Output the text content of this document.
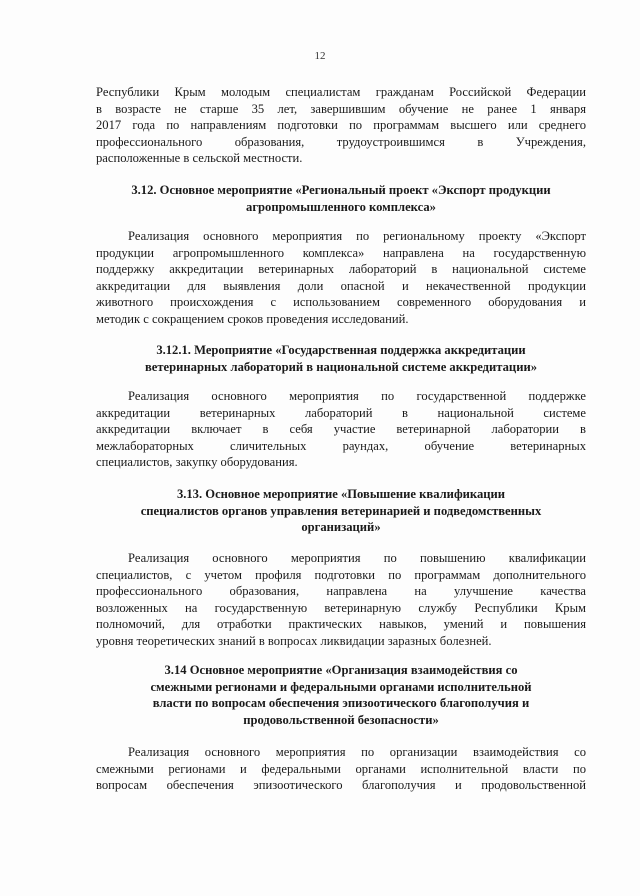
12
Республики Крым молодым специалистам гражданам Российской Федерации
в возрасте не старше 35 лет, завершившим обучение не ранее 1 января
2017 года по направлениям подготовки по программам высшего или среднего
профессионального образования, трудоустроившимся в Учреждения,
расположенные в сельской местности.
3.12. Основное мероприятие «Региональный проект «Экспорт продукции
агропромышленного комплекса»
Реализация основного мероприятия по региональному проекту «Экспорт
продукции агропромышленного комплекса» направлена на государственную
поддержку аккредитации ветеринарных лабораторий в национальной системе
аккредитации для выявления доли опасной и некачественной продукции
животного происхождения с использованием современного оборудования и
методик с сокращением сроков проведения исследований.
3.12.1. Мероприятие «Государственная поддержка аккредитации
ветеринарных лабораторий в национальной системе аккредитации»
Реализация основного мероприятия по государственной поддержке
аккредитации ветеринарных лабораторий в национальной системе
аккредитации включает в себя участие ветеринарной лаборатории в
межлабораторных сличительных раундах, обучение ветеринарных
специалистов, закупку оборудования.
3.13. Основное мероприятие «Повышение квалификации
специалистов органов управления ветеринарией и подведомственных
организаций»
Реализация основного мероприятия по повышению квалификации
специалистов, с учетом профиля подготовки по программам дополнительного
профессионального образования, направлена на улучшение качества
возложенных на государственную ветеринарную службу Республики Крым
полномочий, для отработки практических навыков, умений и повышения
уровня теоретических знаний в вопросах ликвидации заразных болезней.
3.14 Основное мероприятие «Организация взаимодействия со
смежными регионами и федеральными органами исполнительной
власти по вопросам обеспечения эпизоотического благополучия и
продовольственной безопасности»
Реализация основного мероприятия по организации взаимодействия со
смежными регионами и федеральными органами исполнительной власти по
вопросам обеспечения эпизоотического благополучия и продовольственной
